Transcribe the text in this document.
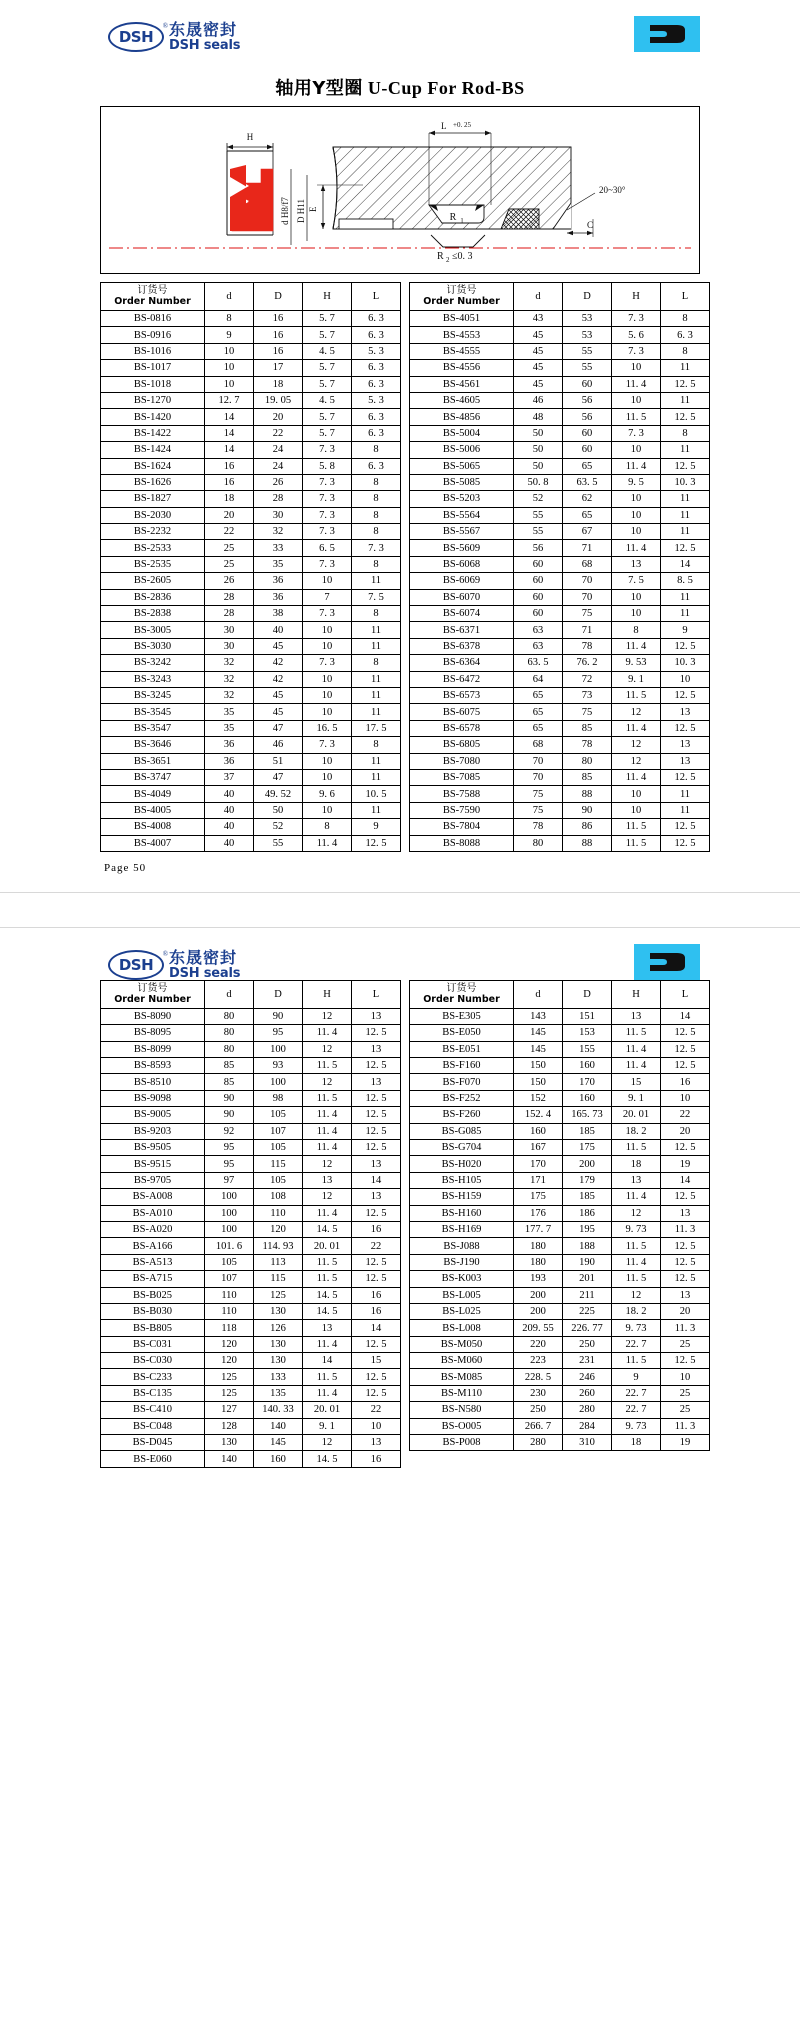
DSH
® 东晟密封
DSH seals
轴用Y型圈 U-Cup For Rod-BS
H
L +0. 25
R 1
R 2 ≤0. 3
20~30°
C
E
D H11
d H8/f7
订货号
Order Number	d	D	H	L
BS-0816	8	16	5. 7	6. 3
BS-0916	9	16	5. 7	6. 3
BS-1016	10	16	4. 5	5. 3
BS-1017	10	17	5. 7	6. 3
BS-1018	10	18	5. 7	6. 3
BS-1270	12. 7	19. 05	4. 5	5. 3
BS-1420	14	20	5. 7	6. 3
BS-1422	14	22	5. 7	6. 3
BS-1424	14	24	7. 3	8
BS-1624	16	24	5. 8	6. 3
BS-1626	16	26	7. 3	8
BS-1827	18	28	7. 3	8
BS-2030	20	30	7. 3	8
BS-2232	22	32	7. 3	8
BS-2533	25	33	6. 5	7. 3
BS-2535	25	35	7. 3	8
BS-2605	26	36	10	11
BS-2836	28	36	7	7. 5
BS-2838	28	38	7. 3	8
BS-3005	30	40	10	11
BS-3030	30	45	10	11
BS-3242	32	42	7. 3	8
BS-3243	32	42	10	11
BS-3245	32	45	10	11
BS-3545	35	45	10	11
BS-3547	35	47	16. 5	17. 5
BS-3646	36	46	7. 3	8
BS-3651	36	51	10	11
BS-3747	37	47	10	11
BS-4049	40	49. 52	9. 6	10. 5
BS-4005	40	50	10	11
BS-4008	40	52	8	9
BS-4007	40	55	11. 4	12. 5
订货号
Order Number	d	D	H	L
BS-4051	43	53	7. 3	8
BS-4553	45	53	5. 6	6. 3
BS-4555	45	55	7. 3	8
BS-4556	45	55	10	11
BS-4561	45	60	11. 4	12. 5
BS-4605	46	56	10	11
BS-4856	48	56	11. 5	12. 5
BS-5004	50	60	7. 3	8
BS-5006	50	60	10	11
BS-5065	50	65	11. 4	12. 5
BS-5085	50. 8	63. 5	9. 5	10. 3
BS-5203	52	62	10	11
BS-5564	55	65	10	11
BS-5567	55	67	10	11
BS-5609	56	71	11. 4	12. 5
BS-6068	60	68	13	14
BS-6069	60	70	7. 5	8. 5
BS-6070	60	70	10	11
BS-6074	60	75	10	11
BS-6371	63	71	8	9
BS-6378	63	78	11. 4	12. 5
BS-6364	63. 5	76. 2	9. 53	10. 3
BS-6472	64	72	9. 1	10
BS-6573	65	73	11. 5	12. 5
BS-6075	65	75	12	13
BS-6578	65	85	11. 4	12. 5
BS-6805	68	78	12	13
BS-7080	70	80	12	13
BS-7085	70	85	11. 4	12. 5
BS-7588	75	88	10	11
BS-7590	75	90	10	11
BS-7804	78	86	11. 5	12. 5
BS-8088	80	88	11. 5	12. 5
Page 50
DSH
® 东晟密封
DSH seals
订货号
Order Number	d	D	H	L
BS-8090	80	90	12	13
BS-8095	80	95	11. 4	12. 5
BS-8099	80	100	12	13
BS-8593	85	93	11. 5	12. 5
BS-8510	85	100	12	13
BS-9098	90	98	11. 5	12. 5
BS-9005	90	105	11. 4	12. 5
BS-9203	92	107	11. 4	12. 5
BS-9505	95	105	11. 4	12. 5
BS-9515	95	115	12	13
BS-9705	97	105	13	14
BS-A008	100	108	12	13
BS-A010	100	110	11. 4	12. 5
BS-A020	100	120	14. 5	16
BS-A166	101. 6	114. 93	20. 01	22
BS-A513	105	113	11. 5	12. 5
BS-A715	107	115	11. 5	12. 5
BS-B025	110	125	14. 5	16
BS-B030	110	130	14. 5	16
BS-B805	118	126	13	14
BS-C031	120	130	11. 4	12. 5
BS-C030	120	130	14	15
BS-C233	125	133	11. 5	12. 5
BS-C135	125	135	11. 4	12. 5
BS-C410	127	140. 33	20. 01	22
BS-C048	128	140	9. 1	10
BS-D045	130	145	12	13
BS-E060	140	160	14. 5	16
订货号
Order Number	d	D	H	L
BS-E305	143	151	13	14
BS-E050	145	153	11. 5	12. 5
BS-E051	145	155	11. 4	12. 5
BS-F160	150	160	11. 4	12. 5
BS-F070	150	170	15	16
BS-F252	152	160	9. 1	10
BS-F260	152. 4	165. 73	20. 01	22
BS-G085	160	185	18. 2	20
BS-G704	167	175	11. 5	12. 5
BS-H020	170	200	18	19
BS-H105	171	179	13	14
BS-H159	175	185	11. 4	12. 5
BS-H160	176	186	12	13
BS-H169	177. 7	195	9. 73	11. 3
BS-J088	180	188	11. 5	12. 5
BS-J190	180	190	11. 4	12. 5
BS-K003	193	201	11. 5	12. 5
BS-L005	200	211	12	13
BS-L025	200	225	18. 2	20
BS-L008	209. 55	226. 77	9. 73	11. 3
BS-M050	220	250	22. 7	25
BS-M060	223	231	11. 5	12. 5
BS-M085	228. 5	246	9	10
BS-M110	230	260	22. 7	25
BS-N580	250	280	22. 7	25
BS-O005	266. 7	284	9. 73	11. 3
BS-P008	280	310	18	19
